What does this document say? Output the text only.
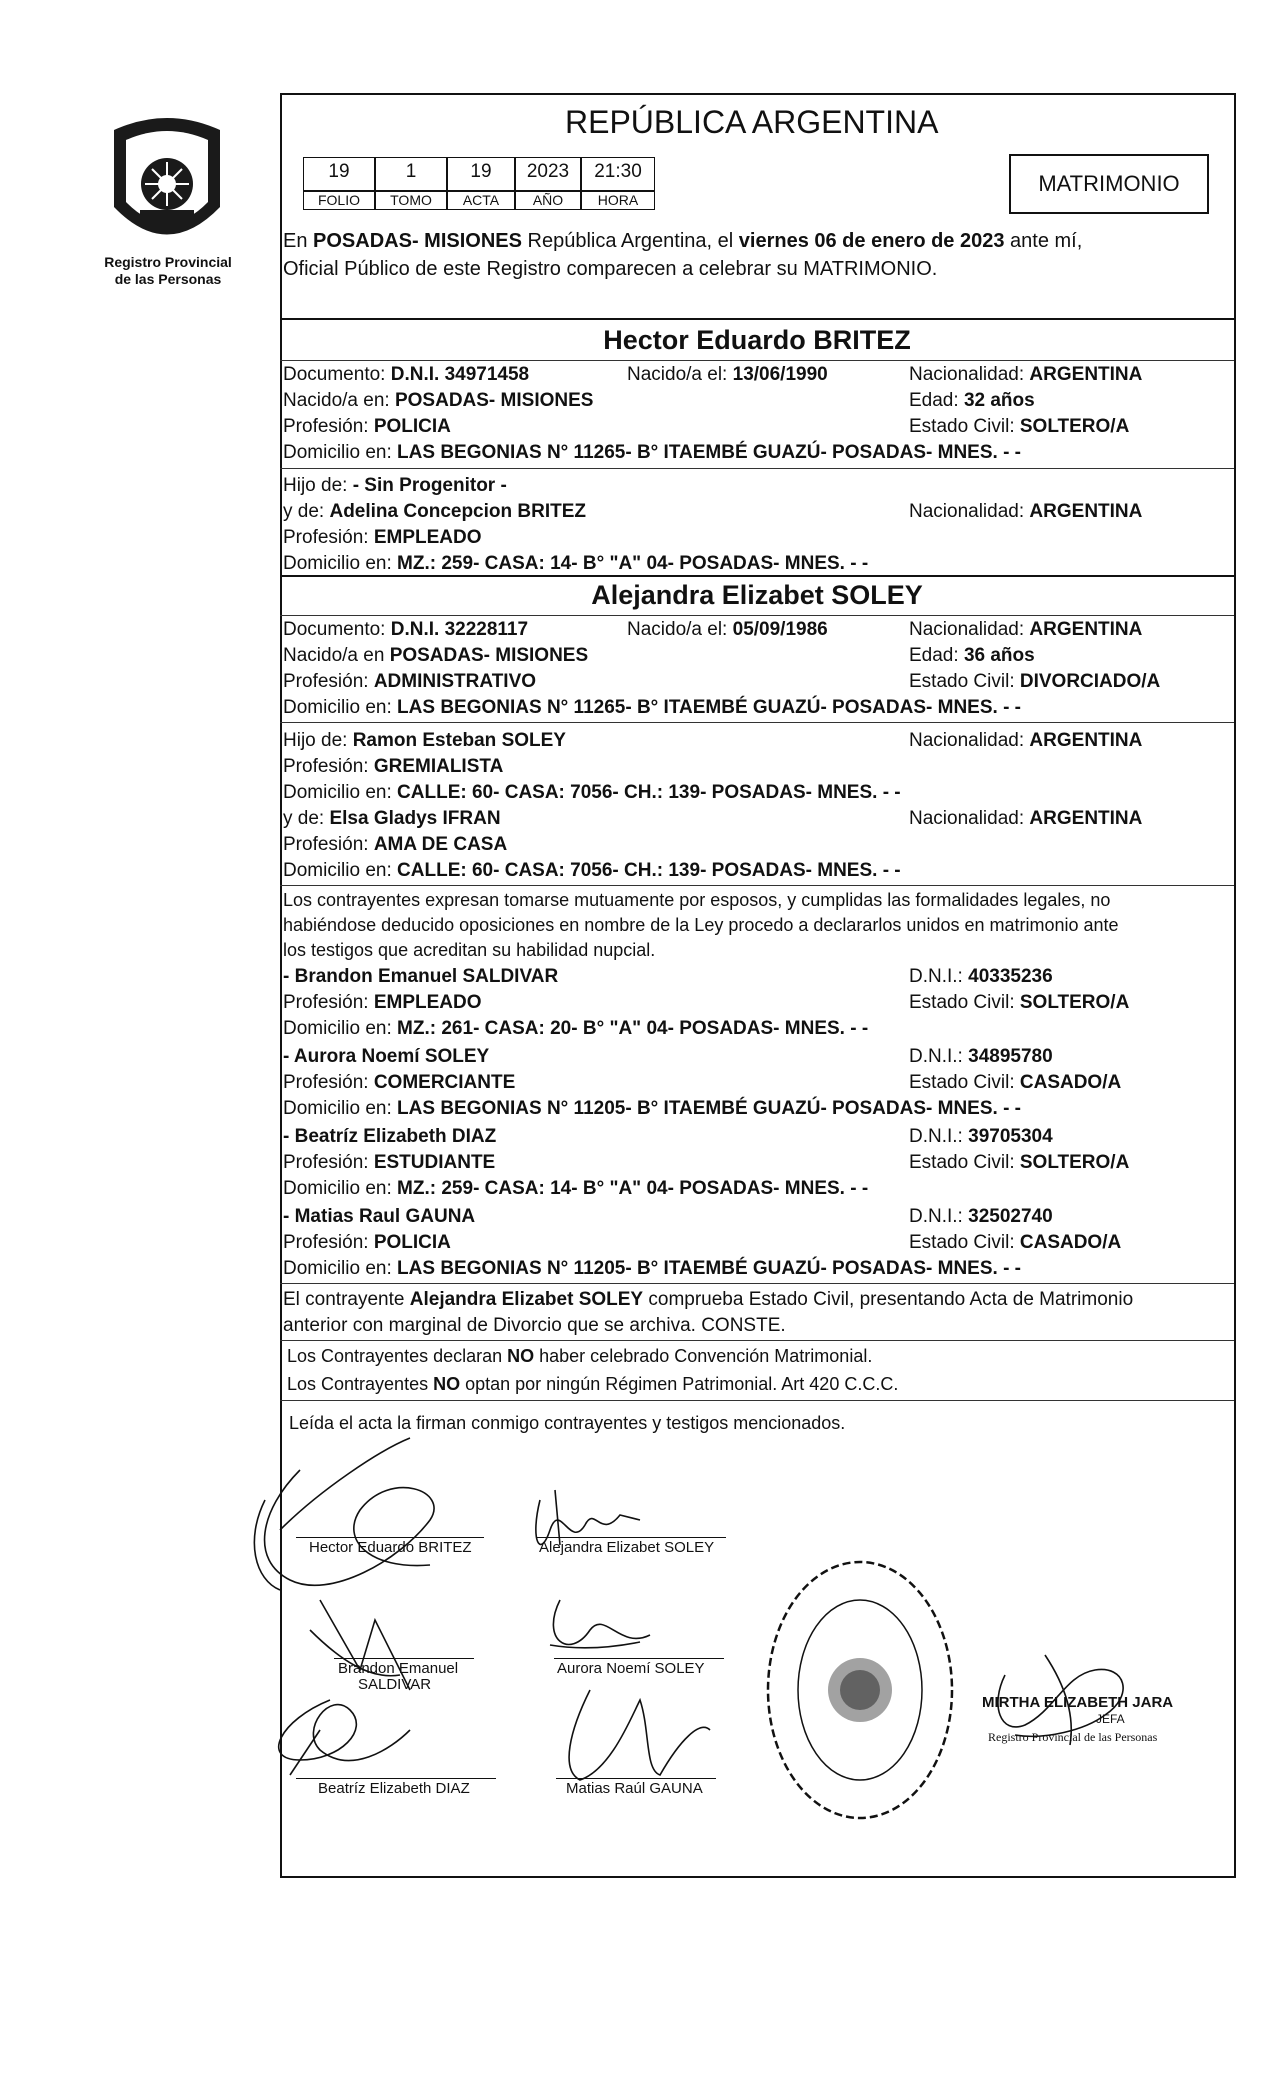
Registro Provincial
de las Personas
REPÚBLICA ARGENTINA
19	1	19	2023	21:30
FOLIO	TOMO	ACTA	AÑO	HORA
MATRIMONIO
En POSADAS- MISIONES República Argentina, el viernes 06 de enero de 2023 ante mí,
Oficial Público de este Registro comparecen a celebrar su MATRIMONIO.
Hector Eduardo BRITEZ
Documento: D.N.I. 34971458	Nacido/a el: 13/06/1990	Nacionalidad: ARGENTINA
Nacido/a en: POSADAS- MISIONES	Edad: 32 años
Profesión: POLICIA	Estado Civil: SOLTERO/A
Domicilio en: LAS BEGONIAS N° 11265- B° ITAEMBÉ GUAZÚ- POSADAS- MNES. - -
Hijo de: - Sin Progenitor -
y de: Adelina Concepcion BRITEZ	Nacionalidad: ARGENTINA
Profesión: EMPLEADO
Domicilio en: MZ.: 259- CASA: 14- B° "A" 04- POSADAS- MNES. - -
Alejandra Elizabet SOLEY
Documento: D.N.I. 32228117	Nacido/a el: 05/09/1986	Nacionalidad: ARGENTINA
Nacido/a en POSADAS- MISIONES	Edad: 36 años
Profesión: ADMINISTRATIVO	Estado Civil: DIVORCIADO/A
Domicilio en: LAS BEGONIAS N° 11265- B° ITAEMBÉ GUAZÚ- POSADAS- MNES. - -
Hijo de: Ramon Esteban SOLEY	Nacionalidad: ARGENTINA
Profesión: GREMIALISTA
Domicilio en: CALLE: 60- CASA: 7056- CH.: 139- POSADAS- MNES. - -
y de: Elsa Gladys IFRAN	Nacionalidad: ARGENTINA
Profesión: AMA DE CASA
Domicilio en: CALLE: 60- CASA: 7056- CH.: 139- POSADAS- MNES. - -
Los contrayentes expresan tomarse mutuamente por esposos, y cumplidas las formalidades legales, no
habiéndose deducido oposiciones en nombre de la Ley procedo a declararlos unidos en matrimonio ante
los testigos que acreditan su habilidad nupcial.
- Brandon Emanuel SALDIVAR	D.N.I.: 40335236
Profesión: EMPLEADO	Estado Civil: SOLTERO/A
Domicilio en: MZ.: 261- CASA: 20- B° "A" 04- POSADAS- MNES. - -
- Aurora Noemí SOLEY	D.N.I.: 34895780
Profesión: COMERCIANTE	Estado Civil: CASADO/A
Domicilio en: LAS BEGONIAS N° 11205- B° ITAEMBÉ GUAZÚ- POSADAS- MNES. - -
- Beatríz Elizabeth DIAZ	D.N.I.: 39705304
Profesión: ESTUDIANTE	Estado Civil: SOLTERO/A
Domicilio en: MZ.: 259- CASA: 14- B° "A" 04- POSADAS- MNES. - -
- Matias Raul GAUNA	D.N.I.: 32502740
Profesión: POLICIA	Estado Civil: CASADO/A
Domicilio en: LAS BEGONIAS N° 11205- B° ITAEMBÉ GUAZÚ- POSADAS- MNES. - -
El contrayente Alejandra Elizabet SOLEY comprueba Estado Civil, presentando Acta de Matrimonio
anterior con marginal de Divorcio que se archiva. CONSTE.
Los Contrayentes declaran NO haber celebrado Convención Matrimonial.
Los Contrayentes NO optan por ningún Régimen Patrimonial. Art 420 C.C.C.
Leída el acta la firman conmigo contrayentes y testigos mencionados.
Hector Eduardo BRITEZ	Alejandra Elizabet SOLEY
Brandon Emanuel
SALDIVAR
Aurora Noemí SOLEY
Beatríz Elizabeth DIAZ	Matias Raúl GAUNA
MIRTHA ELIZABETH JARA
JEFA
Registro Provincial de las Personas
